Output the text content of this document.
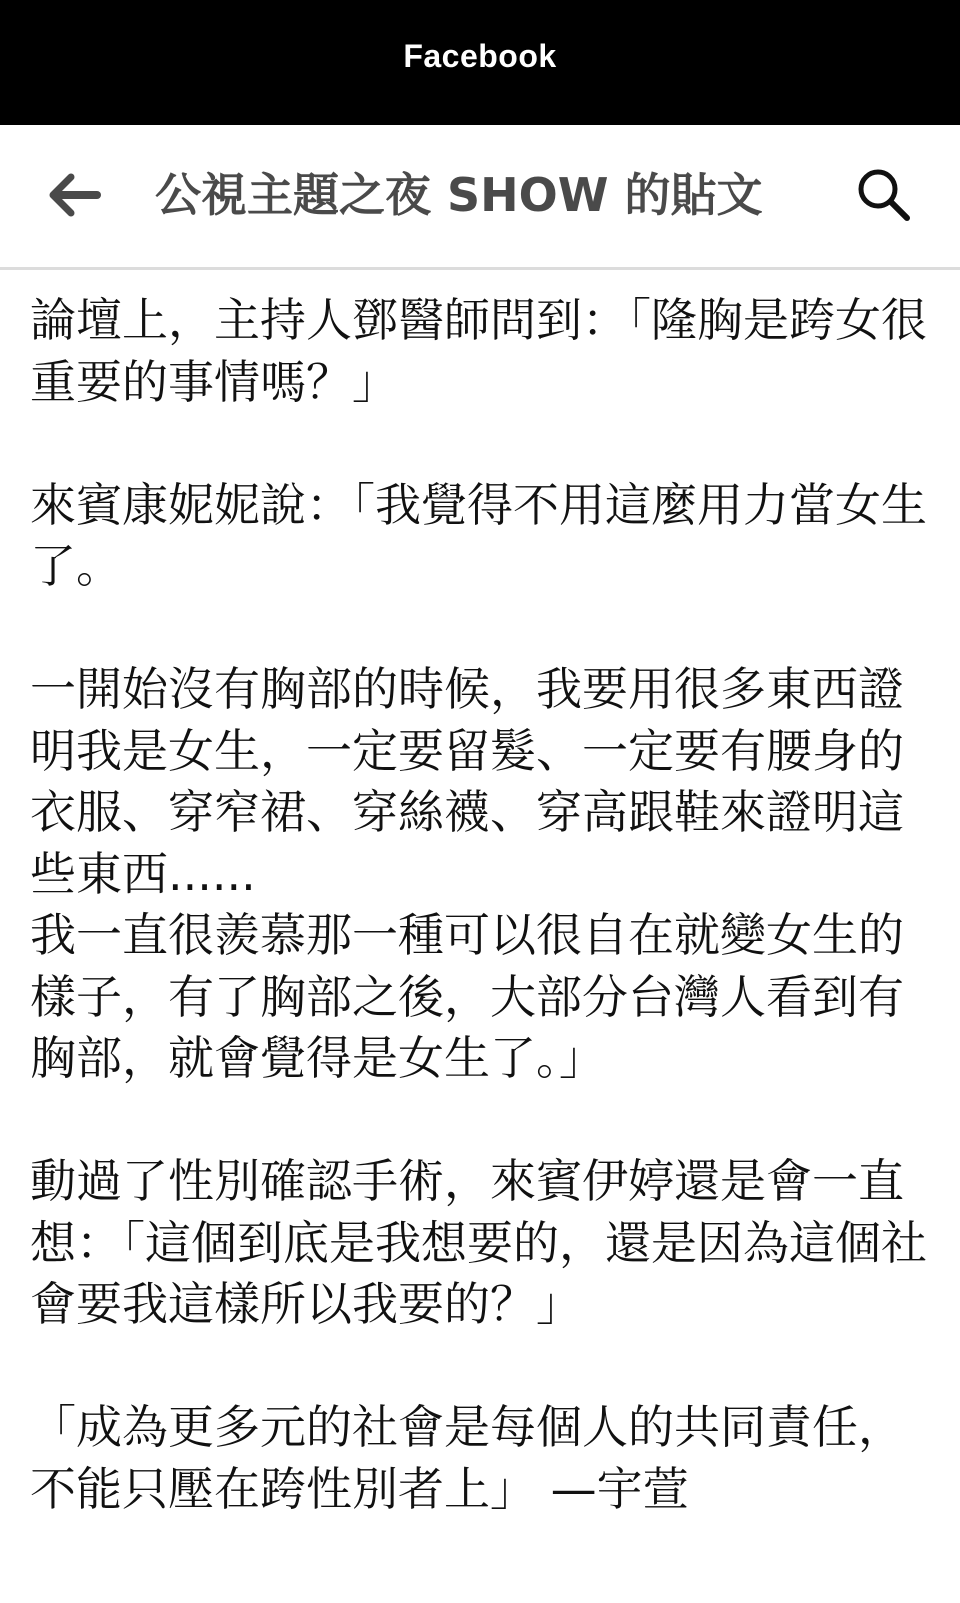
Facebook
公視主題之夜 SHOW 的貼文

論壇上，主持人鄧醫師問到：「隆胸是跨女很重要的事情嗎？」

來賓康妮妮說：「我覺得不用這麼用力當女生了。

一開始沒有胸部的時候，我要用很多東西證明我是女生，一定要留髮、一定要有腰身的衣服、穿窄裙、穿絲襪、穿高跟鞋來證明這些東西......
我一直很羨慕那一種可以很自在就變女生的樣子，有了胸部之後，大部分台灣人看到有胸部，就會覺得是女生了。」

動過了性別確認手術，來賓伊婷還是會一直想：「這個到底是我想要的，還是因為這個社會要我這樣所以我要的？」

「成為更多元的社會是每個人的共同責任，不能只壓在跨性別者上」 —宇萱
